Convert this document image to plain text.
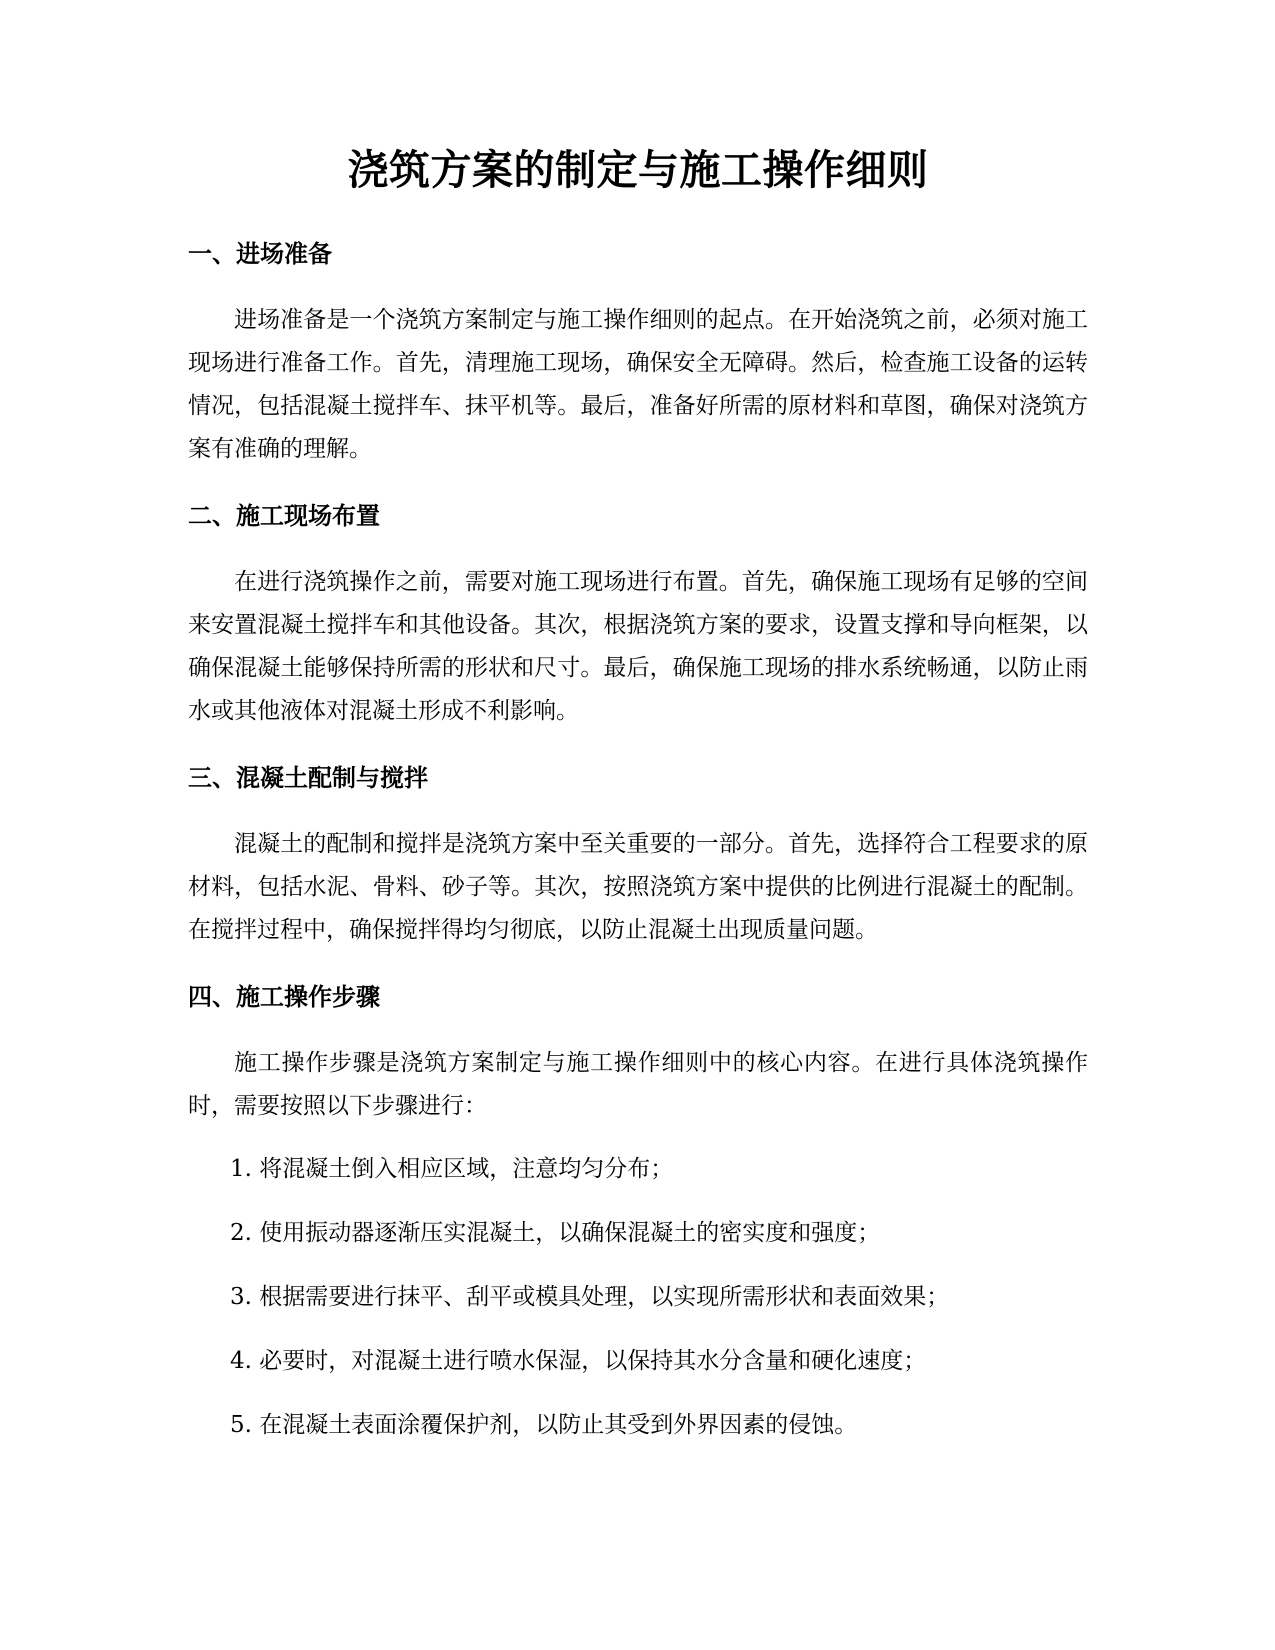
浇筑方案的制定与施工操作细则
一、进场准备

进场准备是一个浇筑方案制定与施工操作细则的起点。在开始浇筑之前，必须对施工现场进行准备工作。首先，清理施工现场，确保安全无障碍。然后，检查施工设备的运转情况，包括混凝土搅拌车、抹平机等。最后，准备好所需的原材料和草图，确保对浇筑方案有准确的理解。

二、施工现场布置

在进行浇筑操作之前，需要对施工现场进行布置。首先，确保施工现场有足够的空间来安置混凝土搅拌车和其他设备。其次，根据浇筑方案的要求，设置支撑和导向框架，以确保混凝土能够保持所需的形状和尺寸。最后，确保施工现场的排水系统畅通，以防止雨水或其他液体对混凝土形成不利影响。

三、混凝土配制与搅拌

混凝土的配制和搅拌是浇筑方案中至关重要的一部分。首先，选择符合工程要求的原材料，包括水泥、骨料、砂子等。其次，按照浇筑方案中提供的比例进行混凝土的配制。在搅拌过程中，确保搅拌得均匀彻底，以防止混凝土出现质量问题。

四、施工操作步骤

施工操作步骤是浇筑方案制定与施工操作细则中的核心内容。在进行具体浇筑操作时，需要按照以下步骤进行：

1. 将混凝土倒入相应区域，注意均匀分布；

2. 使用振动器逐渐压实混凝土，以确保混凝土的密实度和强度；

3. 根据需要进行抹平、刮平或模具处理，以实现所需形状和表面效果；

4. 必要时，对混凝土进行喷水保湿，以保持其水分含量和硬化速度；

5. 在混凝土表面涂覆保护剂，以防止其受到外界因素的侵蚀。
